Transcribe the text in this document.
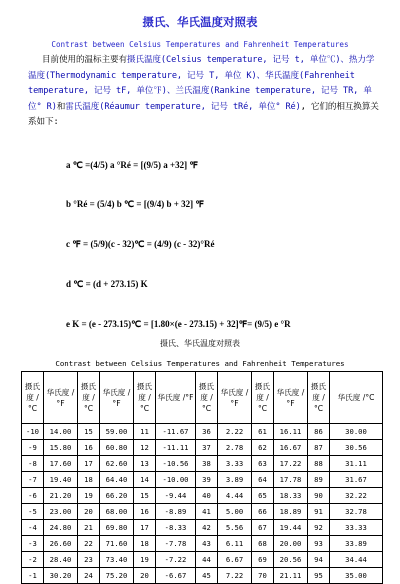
摄氏、华氏温度对照表
Contrast between Celsius Temperatures and Fahrenheit Temperatures
目前使用的温标主要有摄氏温度(Celsius temperature, 记号 t, 单位℃)、热力学温度(Thermodynamic temperature, 记号 T, 单位 K)、华氏温度(Fahrenheit temperature, 记号 tF, 单位℉)、兰氏温度(Rankine temperature, 记号 TR, 单位° R)和雷氏温度(Réaumur temperature, 记号 tRé, 单位° Ré), 它们的相互换算关系如下:
a ℃ =(4/5) a °Ré = [(9/5) a +32] ℉
b °Ré = (5/4) b ℃ = [(9/4) b + 32] ℉
c ℉ = (5/9)(c - 32)℃ = (4/9) (c - 32)°Ré
d ℃ = (d + 273.15) K
e K = (e - 273.15)℃ = [1.80×(e - 273.15) + 32]℉= (9/5) e °R
摄氏、华氏温度对照表
Contrast between Celsius Temperatures and Fahrenheit Temperatures
摄氏度 /°C	华氏度 /°F	摄氏度 /°C	华氏度 /°F	摄氏度 /°C	华氏度 /°F	摄氏度 /°C	华氏度 /°F	摄氏度 /°C	华氏度 /°F	摄氏度 /°C	华氏度 /°C
-10	14.00	15	59.00	11	-11.67	36	2.22	61	16.11	86	30.00
-9	15.80	16	60.80	12	-11.11	37	2.78	62	16.67	87	30.56
-8	17.60	17	62.60	13	-10.56	38	3.33	63	17.22	88	31.11
-7	19.40	18	64.40	14	-10.00	39	3.89	64	17.78	89	31.67
-6	21.20	19	66.20	15	-9.44	40	4.44	65	18.33	90	32.22
-5	23.00	20	68.00	16	-8.89	41	5.00	66	18.89	91	32.78
-4	24.80	21	69.80	17	-8.33	42	5.56	67	19.44	92	33.33
-3	26.60	22	71.60	18	-7.78	43	6.11	68	20.00	93	33.89
-2	28.40	23	73.40	19	-7.22	44	6.67	69	20.56	94	34.44
-1	30.20	24	75.20	20	-6.67	45	7.22	70	21.11	95	35.00
